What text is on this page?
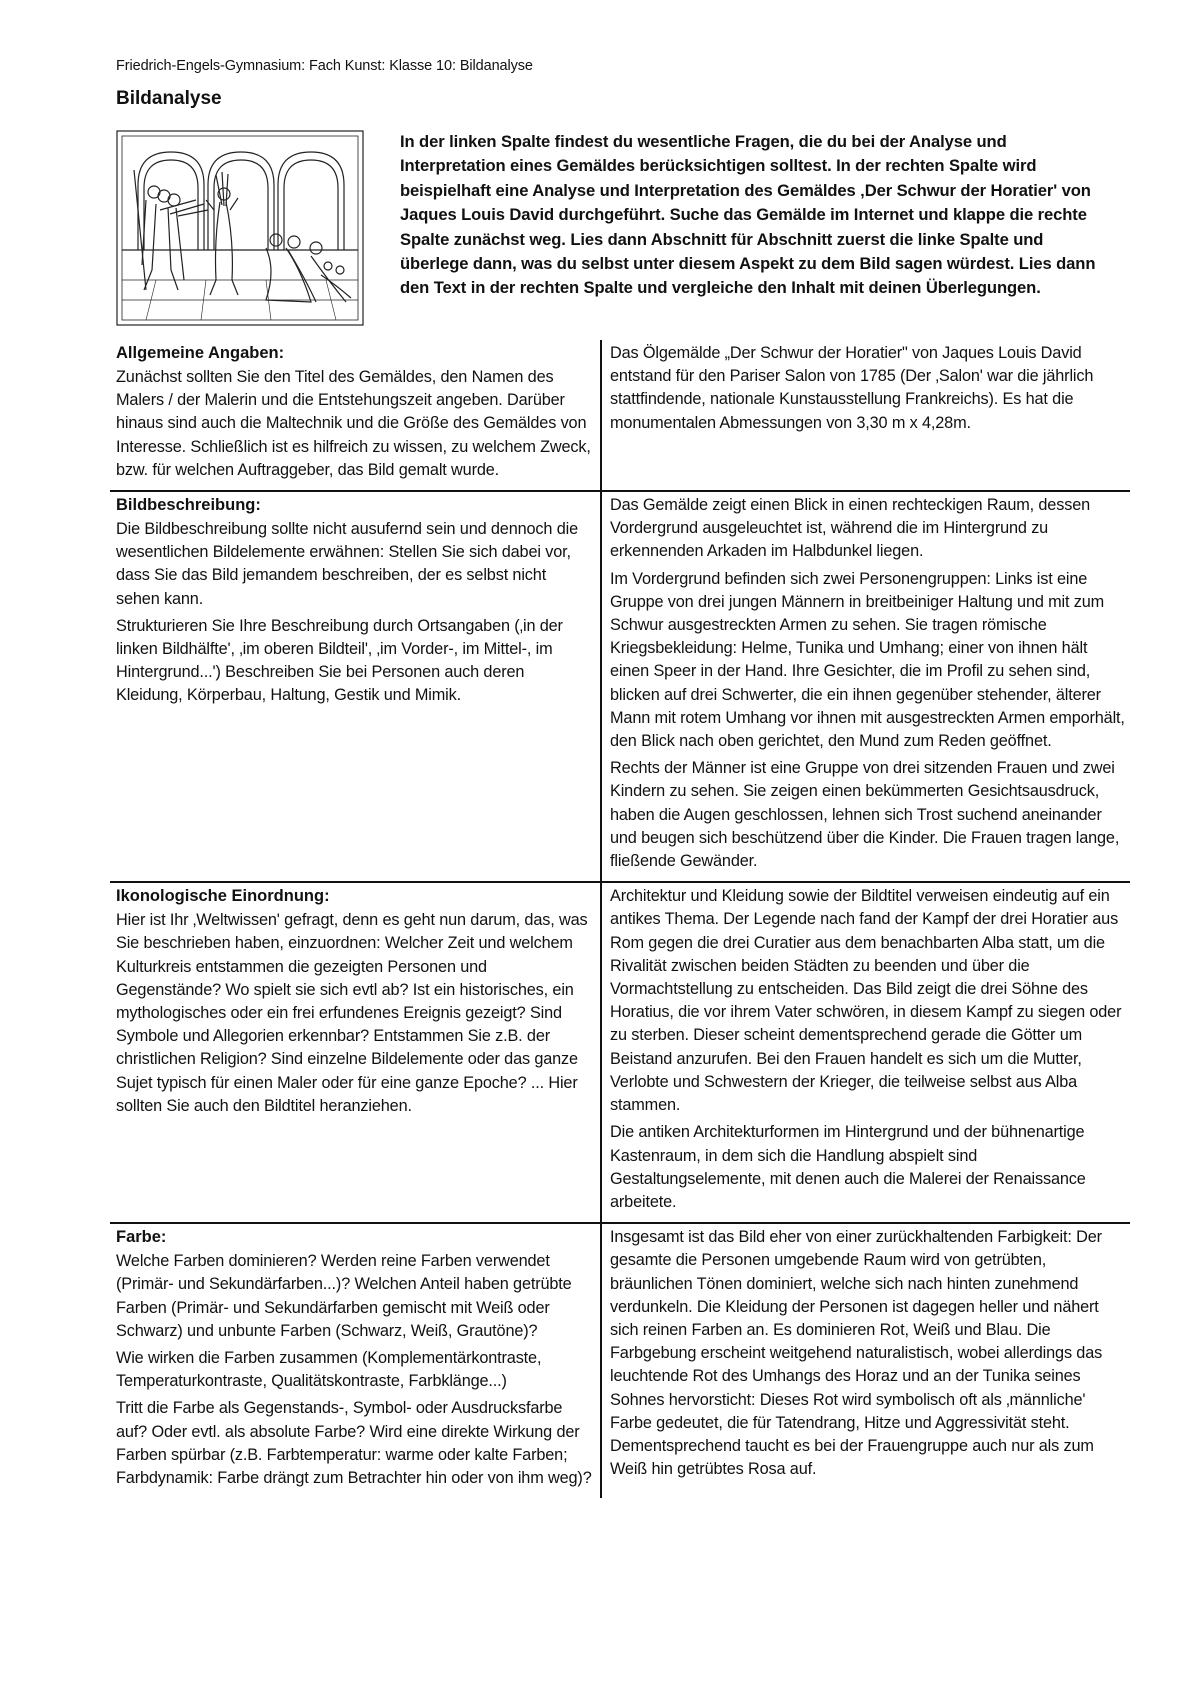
Friedrich-Engels-Gymnasium: Fach Kunst: Klasse 10: Bildanalyse
Bildanalyse

In der linken Spalte findest du wesentliche Fragen, die du bei der Analyse und Interpretation eines Gemäldes berücksichtigen solltest. In der rechten Spalte wird beispielhaft eine Analyse und Interpretation des Gemäldes ‚Der Schwur der Horatier' von Jaques Louis David durchgeführt. Suche das Gemälde im Internet und klappe die rechte Spalte zunächst weg. Lies dann Abschnitt für Abschnitt zuerst die linke Spalte und überlege dann, was du selbst unter diesem Aspekt zu dem Bild sagen würdest. Lies dann den Text in der rechten Spalte und vergleiche den Inhalt mit deinen Überlegungen.

Allgemeine Angaben:

Zunächst sollten Sie den Titel des Gemäldes, den Namen des Malers / der Malerin und die Entstehungszeit angeben. Darüber hinaus sind auch die Maltechnik und die Größe des Gemäldes von Interesse. Schließlich ist es hilfreich zu wissen, zu welchem Zweck, bzw. für welchen Auftraggeber, das Bild gemalt wurde.

Das Ölgemälde „Der Schwur der Horatier" von Jaques Louis David entstand für den Pariser Salon von 1785 (Der ‚Salon' war die jährlich stattfindende, nationale Kunstausstellung Frankreichs). Es hat die monumentalen Abmessungen von 3,30 m x 4,28m.

Bildbeschreibung:

Die Bildbeschreibung sollte nicht ausufernd sein und dennoch die wesentlichen Bildelemente erwähnen: Stellen Sie sich dabei vor, dass Sie das Bild jemandem beschreiben, der es selbst nicht sehen kann.

Strukturieren Sie Ihre Beschreibung durch Ortsangaben (‚in der linken Bildhälfte', ‚im oberen Bildteil', ‚im Vorder-, im Mittel-, im Hintergrund...') Beschreiben Sie bei Personen auch deren Kleidung, Körperbau, Haltung, Gestik und Mimik.

Das Gemälde zeigt einen Blick in einen rechteckigen Raum, dessen Vordergrund ausgeleuchtet ist, während die im Hintergrund zu erkennenden Arkaden im Halbdunkel liegen.

Im Vordergrund befinden sich zwei Personengruppen: Links ist eine Gruppe von drei jungen Männern in breitbeiniger Haltung und mit zum Schwur ausgestreckten Armen zu sehen. Sie tragen römische Kriegsbekleidung: Helme, Tunika und Umhang; einer von ihnen hält einen Speer in der Hand. Ihre Gesichter, die im Profil zu sehen sind, blicken auf drei Schwerter, die ein ihnen gegenüber stehender, älterer Mann mit rotem Umhang vor ihnen mit ausgestreckten Armen emporhält, den Blick nach oben gerichtet, den Mund zum Reden geöffnet.

Rechts der Männer ist eine Gruppe von drei sitzenden Frauen und zwei Kindern zu sehen. Sie zeigen einen bekümmerten Gesichtsausdruck, haben die Augen geschlossen, lehnen sich Trost suchend aneinander und beugen sich beschützend über die Kinder. Die Frauen tragen lange, fließende Gewänder.

Ikonologische Einordnung:

Hier ist Ihr ‚Weltwissen' gefragt, denn es geht nun darum, das, was Sie beschrieben haben, einzuordnen: Welcher Zeit und welchem Kulturkreis entstammen die gezeigten Personen und Gegenstände? Wo spielt sie sich evtl ab? Ist ein historisches, ein mythologisches oder ein frei erfundenes Ereignis gezeigt? Sind Symbole und Allegorien erkennbar? Entstammen Sie z.B. der christlichen Religion? Sind einzelne Bildelemente oder das ganze Sujet typisch für einen Maler oder für eine ganze Epoche? ... Hier sollten Sie auch den Bildtitel heranziehen.

Architektur und Kleidung sowie der Bildtitel verweisen eindeutig auf ein antikes Thema. Der Legende nach fand der Kampf der drei Horatier aus Rom gegen die drei Curatier aus dem benachbarten Alba statt, um die Rivalität zwischen beiden Städten zu beenden und über die Vormachtstellung zu entscheiden. Das Bild zeigt die drei Söhne des Horatius, die vor ihrem Vater schwören, in diesem Kampf zu siegen oder zu sterben. Dieser scheint dementsprechend gerade die Götter um Beistand anzurufen. Bei den Frauen handelt es sich um die Mutter, Verlobte und Schwestern der Krieger, die teilweise selbst aus Alba stammen.

Die antiken Architekturformen im Hintergrund und der bühnenartige Kastenraum, in dem sich die Handlung abspielt sind Gestaltungselemente, mit denen auch die Malerei der Renaissance arbeitete.

Farbe:

Welche Farben dominieren? Werden reine Farben verwendet (Primär- und Sekundärfarben...)? Welchen Anteil haben getrübte Farben (Primär- und Sekundärfarben gemischt mit Weiß oder Schwarz) und unbunte Farben (Schwarz, Weiß, Grautöne)?

Wie wirken die Farben zusammen (Komplementärkontraste, Temperaturkontraste, Qualitätskontraste, Farbklänge...)

Tritt die Farbe als Gegenstands-, Symbol- oder Ausdrucksfarbe auf? Oder evtl. als absolute Farbe? Wird eine direkte Wirkung der Farben spürbar (z.B. Farbtemperatur: warme oder kalte Farben; Farbdynamik: Farbe drängt zum Betrachter hin oder von ihm weg)?

Insgesamt ist das Bild eher von einer zurückhaltenden Farbigkeit: Der gesamte die Personen umgebende Raum wird von getrübten, bräunlichen Tönen dominiert, welche sich nach hinten zunehmend verdunkeln. Die Kleidung der Personen ist dagegen heller und nähert sich reinen Farben an. Es dominieren Rot, Weiß und Blau. Die Farbgebung erscheint weitgehend naturalistisch, wobei allerdings das leuchtende Rot des Umhangs des Horaz und an der Tunika seines Sohnes hervorsticht: Dieses Rot wird symbolisch oft als ‚männliche' Farbe gedeutet, die für Tatendrang, Hitze und Aggressivität steht. Dementsprechend taucht es bei der Frauengruppe auch nur als zum Weiß hin getrübtes Rosa auf.
